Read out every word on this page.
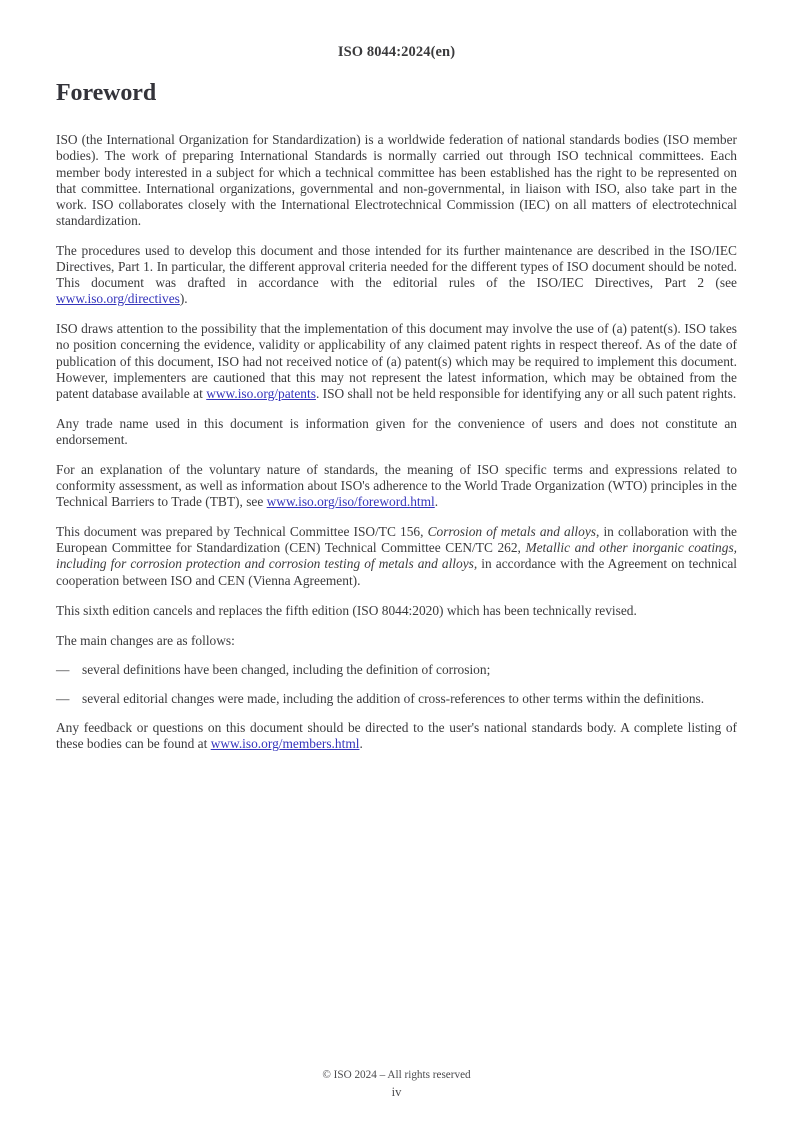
ISO 8044:2024(en)
Foreword

ISO (the International Organization for Standardization) is a worldwide federation of national standards bodies (ISO member bodies). The work of preparing International Standards is normally carried out through ISO technical committees. Each member body interested in a subject for which a technical committee has been established has the right to be represented on that committee. International organizations, governmental and non-governmental, in liaison with ISO, also take part in the work. ISO collaborates closely with the International Electrotechnical Commission (IEC) on all matters of electrotechnical standardization.

The procedures used to develop this document and those intended for its further maintenance are described in the ISO/IEC Directives, Part 1. In particular, the different approval criteria needed for the different types of ISO document should be noted. This document was drafted in accordance with the editorial rules of the ISO/IEC Directives, Part 2 (see www.iso.org/directives).

ISO draws attention to the possibility that the implementation of this document may involve the use of (a) patent(s). ISO takes no position concerning the evidence, validity or applicability of any claimed patent rights in respect thereof. As of the date of publication of this document, ISO had not received notice of (a) patent(s) which may be required to implement this document. However, implementers are cautioned that this may not represent the latest information, which may be obtained from the patent database available at www.iso.org/patents. ISO shall not be held responsible for identifying any or all such patent rights.

Any trade name used in this document is information given for the convenience of users and does not constitute an endorsement.

For an explanation of the voluntary nature of standards, the meaning of ISO specific terms and expressions related to conformity assessment, as well as information about ISO's adherence to the World Trade Organization (WTO) principles in the Technical Barriers to Trade (TBT), see www.iso.org/iso/foreword.html.

This document was prepared by Technical Committee ISO/TC 156, Corrosion of metals and alloys, in collaboration with the European Committee for Standardization (CEN) Technical Committee CEN/TC 262, Metallic and other inorganic coatings, including for corrosion protection and corrosion testing of metals and alloys, in accordance with the Agreement on technical cooperation between ISO and CEN (Vienna Agreement).

This sixth edition cancels and replaces the fifth edition (ISO 8044:2020) which has been technically revised.

The main changes are as follows:

— several definitions have been changed, including the definition of corrosion;
— several editorial changes were made, including the addition of cross-references to other terms within the definitions.

Any feedback or questions on this document should be directed to the user's national standards body. A complete listing of these bodies can be found at www.iso.org/members.html.

© ISO 2024 – All rights reserved
iv
